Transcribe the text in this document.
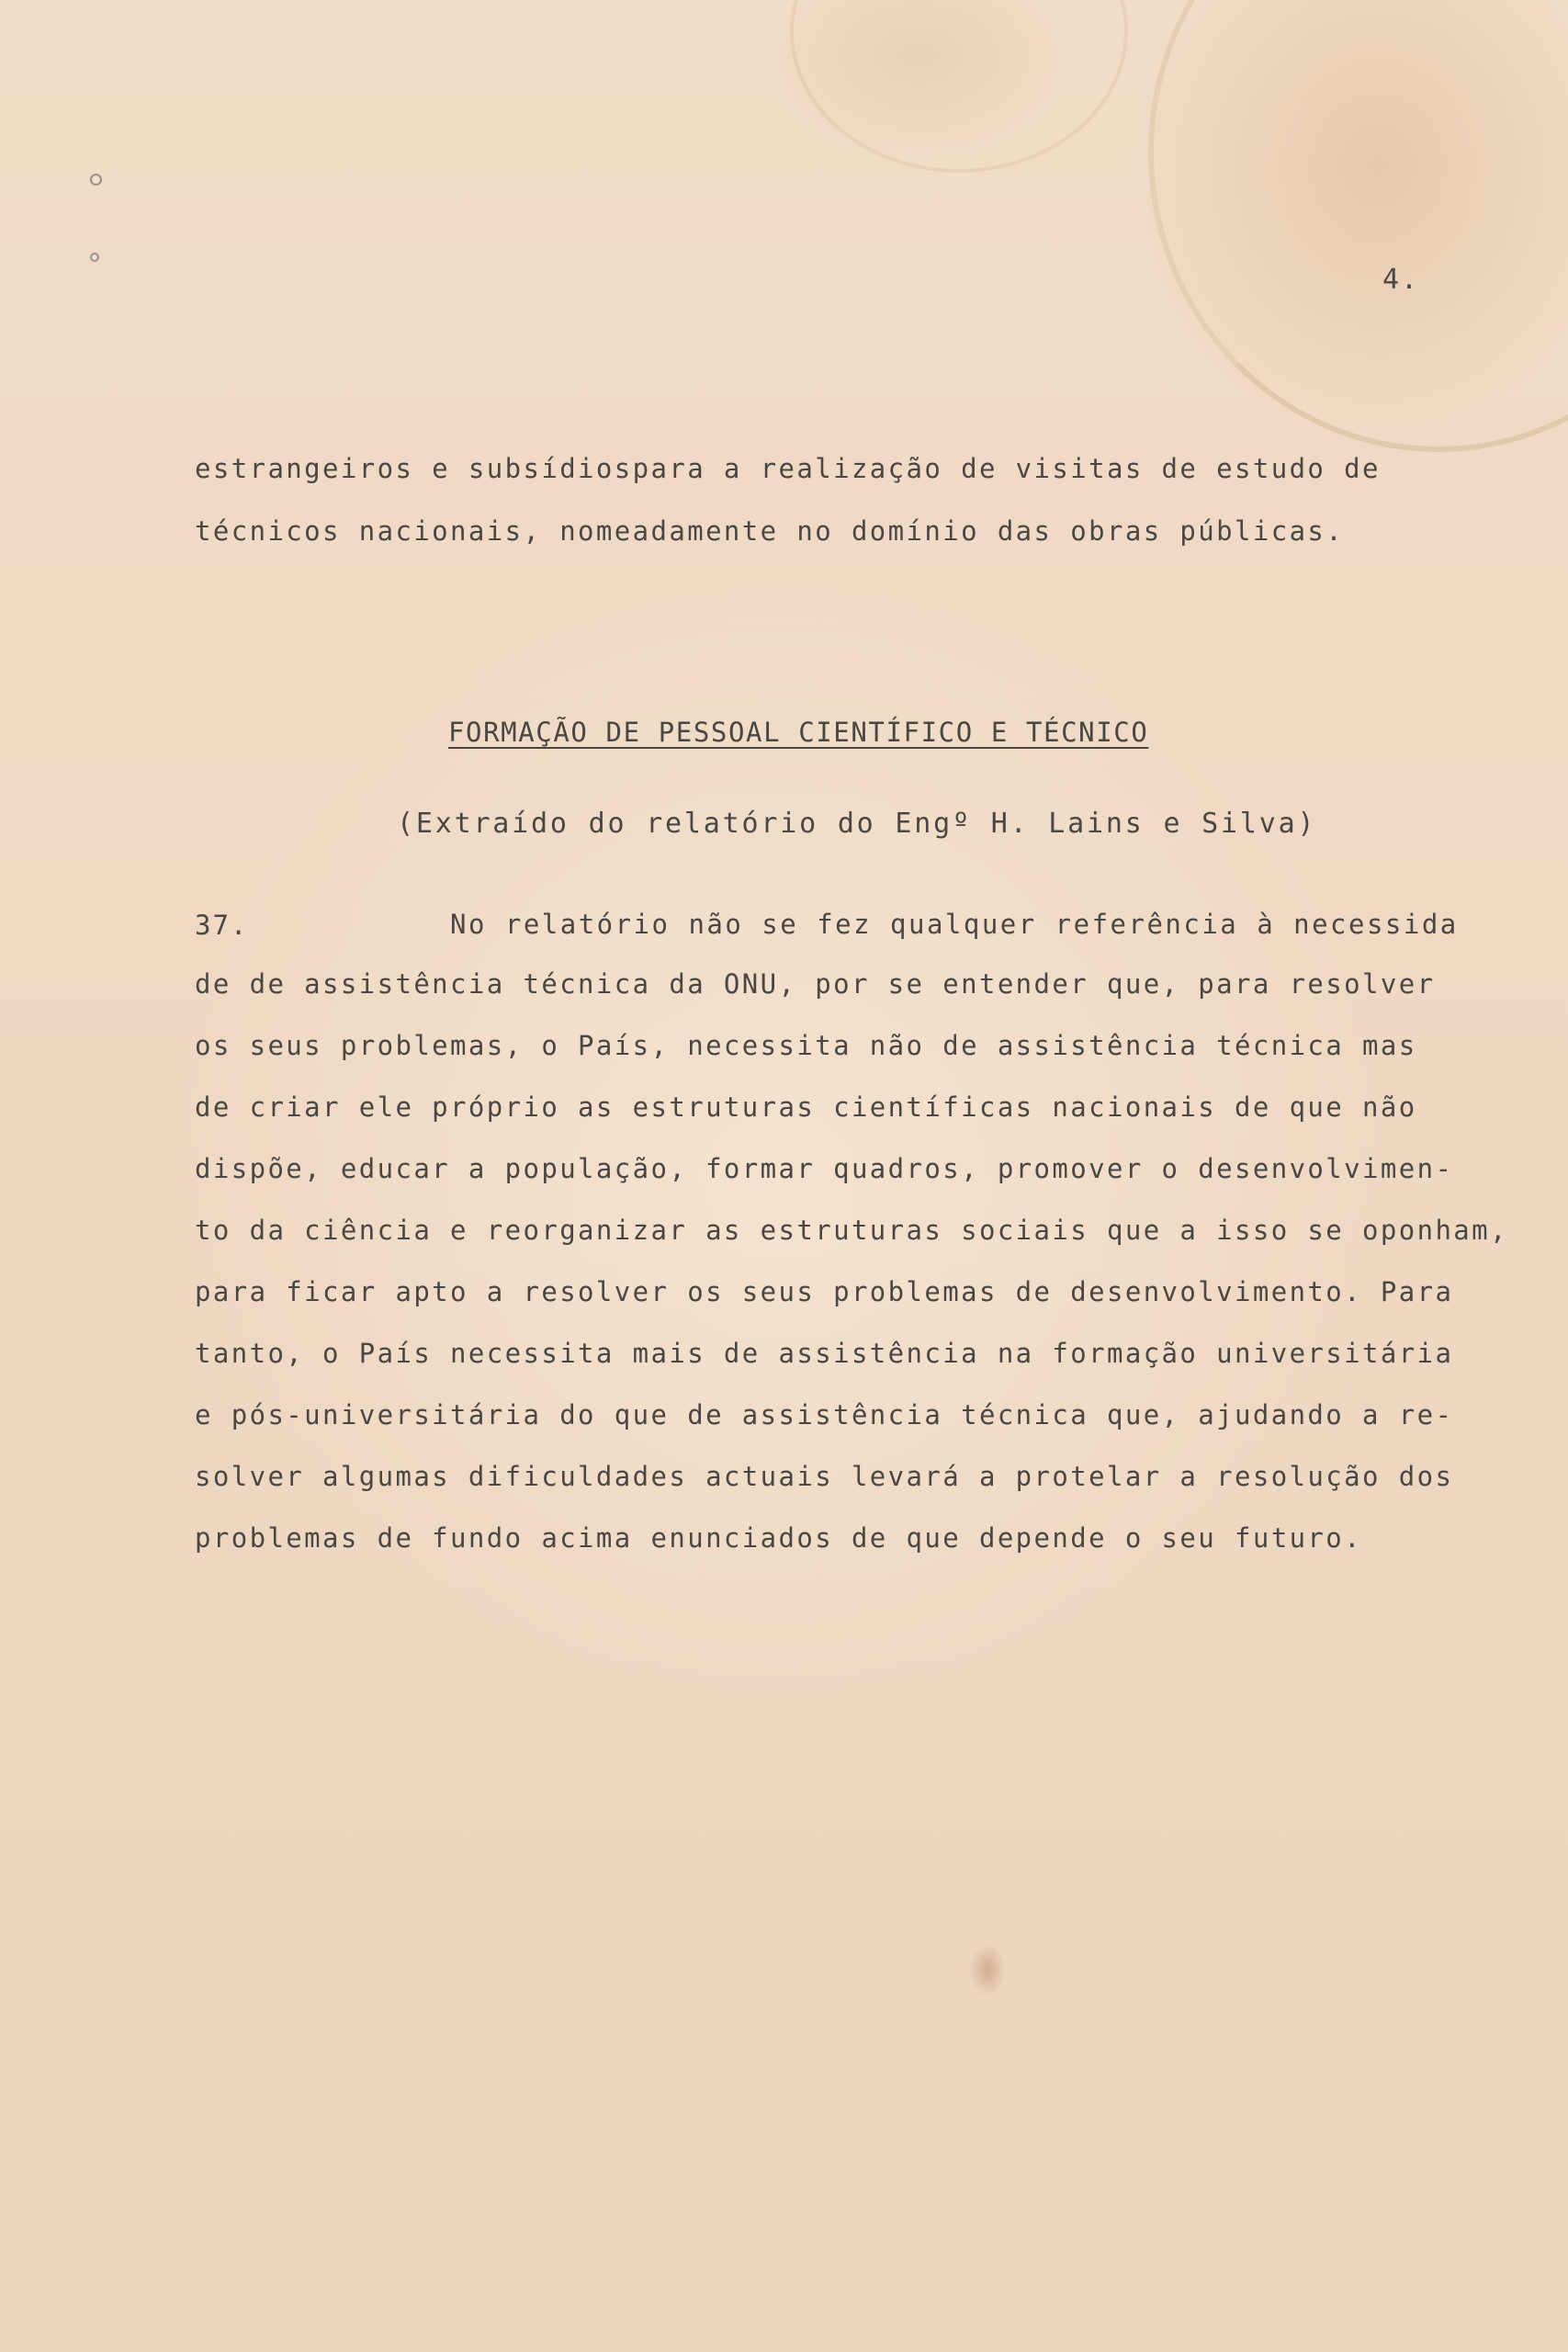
4.
estrangeiros e subsídiospara a realização de visitas de estudo de
técnicos nacionais, nomeadamente no domínio das obras públicas.
FORMAÇÃO DE PESSOAL CIENTÍFICO E TÉCNICO
(Extraído do relatório do Engº H. Lains e Silva)
37.	No relatório não se fez qualquer referência à necessida
de de assistência técnica da ONU, por se entender que, para resolver
os seus problemas, o País, necessita não de assistência técnica mas
de criar ele próprio as estruturas científicas nacionais de que não
dispõe, educar a população, formar quadros, promover o desenvolvimen-
to da ciência e reorganizar as estruturas sociais que a isso se oponham,
para ficar apto a resolver os seus problemas de desenvolvimento. Para
tanto, o País necessita mais de assistência na formação universitária
e pós-universitária do que de assistência técnica que, ajudando a re-
solver algumas dificuldades actuais levará a protelar a resolução dos
problemas de fundo acima enunciados de que depende o seu futuro.
